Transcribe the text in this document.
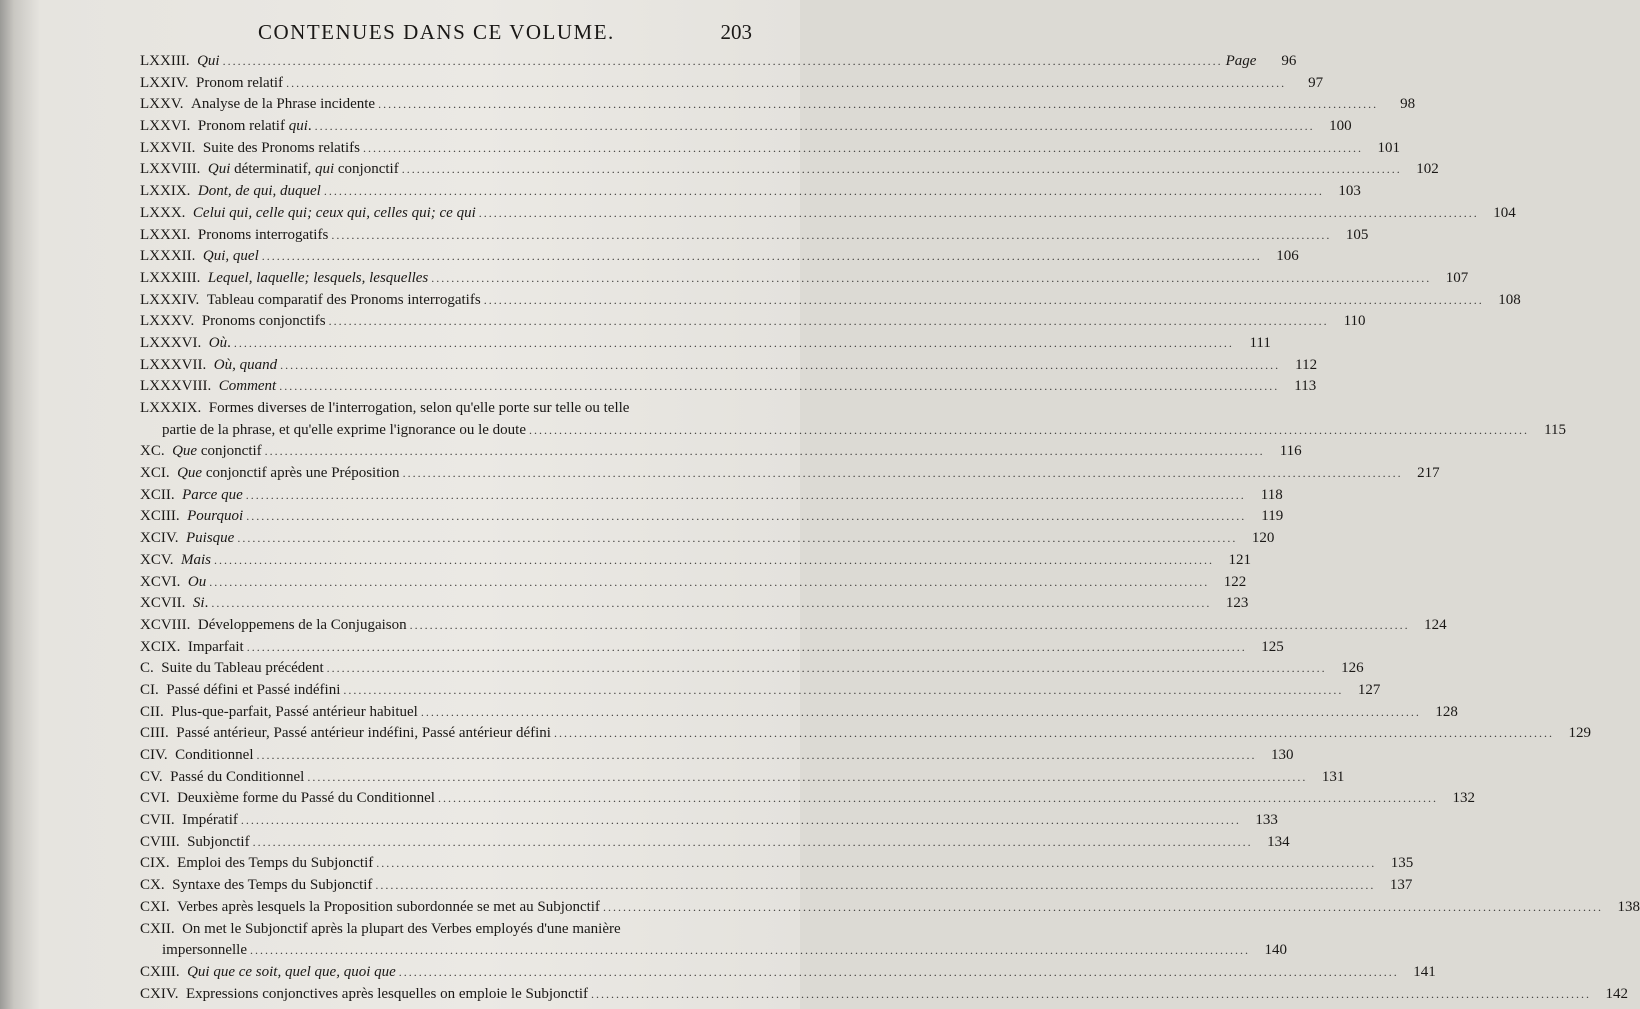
CONTENUES DANS CE VOLUME.	203
LXXIII. Qui ........................................................................................................................................................................................................ Page	96
LXXIV. Pronom relatif ........................................................................................................................................................................................................	97
LXXV. Analyse de la Phrase incidente ........................................................................................................................................................................................................	98
LXXVI. Pronom relatif qui. ........................................................................................................................................................................................................ 100
LXXVII. Suite des Pronoms relatifs ........................................................................................................................................................................................................ 101
LXXVIII. Qui déterminatif, qui conjonctif ........................................................................................................................................................................................................ 102
LXXIX. Dont, de qui, duquel ........................................................................................................................................................................................................ 103
LXXX. Celui qui, celle qui; ceux qui, celles qui; ce qui ........................................................................................................................................................................................................ 104
LXXXI. Pronoms interrogatifs ........................................................................................................................................................................................................ 105
LXXXII. Qui, quel ........................................................................................................................................................................................................ 106
LXXXIII. Lequel, laquelle; lesquels, lesquelles ........................................................................................................................................................................................................ 107
LXXXIV. Tableau comparatif des Pronoms interrogatifs ........................................................................................................................................................................................................ 108
LXXXV. Pronoms conjonctifs ........................................................................................................................................................................................................	110
LXXXVI. Où. ........................................................................................................................................................................................................	111
LXXXVII. Où, quand ........................................................................................................................................................................................................	112
LXXXVIII. Comment ........................................................................................................................................................................................................	113
LXXXIX. Formes diverses de l'interrogation, selon qu'elle porte sur telle ou telle
partie de la phrase, et qu'elle exprime l'ignorance ou le doute ........................................................................................................................................................................................................	115
XC. Que conjonctif ........................................................................................................................................................................................................	116
XCI. Que conjonctif après une Préposition ........................................................................................................................................................................................................ 217
XCII. Parce que ........................................................................................................................................................................................................	118
XCIII. Pourquoi ........................................................................................................................................................................................................	119
XCIV. Puisque ........................................................................................................................................................................................................ 120
XCV. Mais ........................................................................................................................................................................................................ 121
XCVI. Ou ........................................................................................................................................................................................................ 122
XCVII. Si. ........................................................................................................................................................................................................ 123
XCVIII. Développemens de la Conjugaison ........................................................................................................................................................................................................ 124
XCIX. Imparfait ........................................................................................................................................................................................................ 125
C. Suite du Tableau précédent ........................................................................................................................................................................................................ 126
CI. Passé défini et Passé indéfini ........................................................................................................................................................................................................ 127
CII. Plus-que-parfait, Passé antérieur habituel ........................................................................................................................................................................................................ 128
CIII. Passé antérieur, Passé antérieur indéfini, Passé antérieur défini ........................................................................................................................................................................................................ 129
CIV. Conditionnel ........................................................................................................................................................................................................ 130
CV. Passé du Conditionnel ........................................................................................................................................................................................................ 131
CVI. Deuxième forme du Passé du Conditionnel ........................................................................................................................................................................................................ 132
CVII. Impératif ........................................................................................................................................................................................................ 133
CVIII. Subjonctif ........................................................................................................................................................................................................ 134
CIX. Emploi des Temps du Subjonctif ........................................................................................................................................................................................................ 135
CX. Syntaxe des Temps du Subjonctif ........................................................................................................................................................................................................ 137
CXI. Verbes après lesquels la Proposition subordonnée se met au Subjonctif ........................................................................................................................................................................................................ 138
CXII. On met le Subjonctif après la plupart des Verbes employés d'une manière
impersonnelle ........................................................................................................................................................................................................ 140
CXIII. Qui que ce soit, quel que, quoi que ........................................................................................................................................................................................................ 141
CXIV. Expressions conjonctives après lesquelles on emploie le Subjonctif ........................................................................................................................................................................................................ 142
